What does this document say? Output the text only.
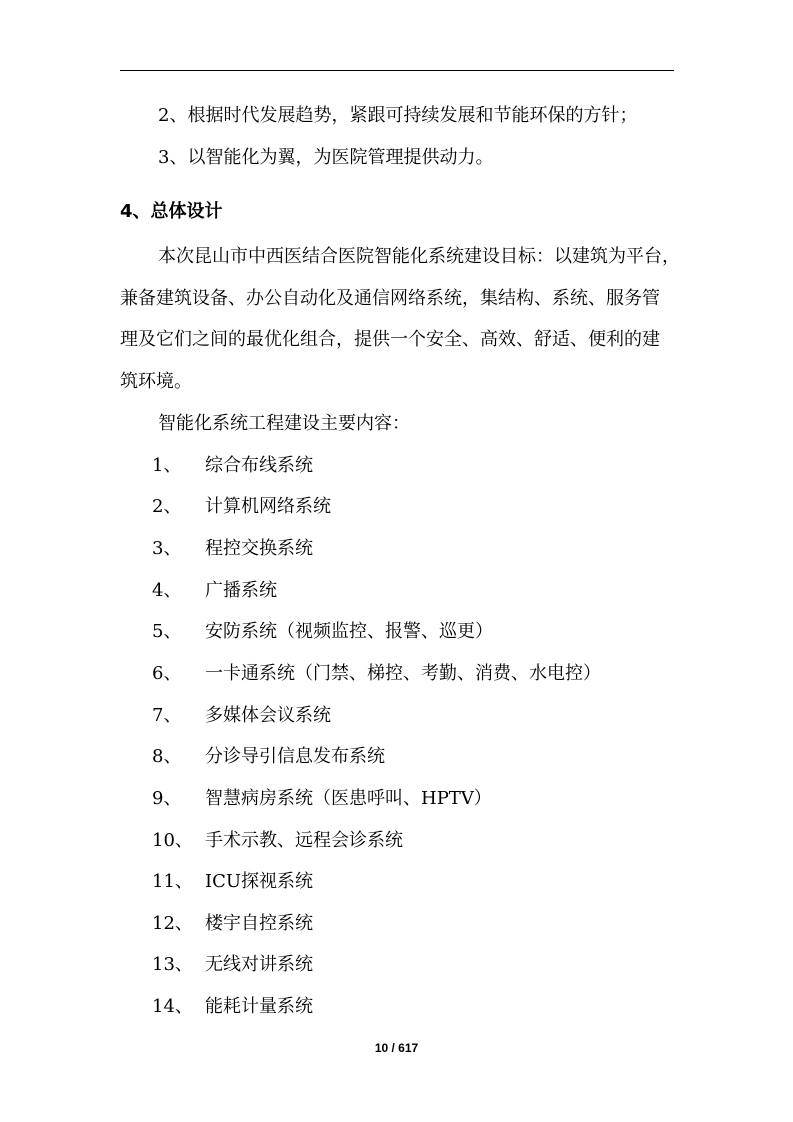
2、根据时代发展趋势，紧跟可持续发展和节能环保的方针；
3、以智能化为翼，为医院管理提供动力。
4、总体设计
本次昆山市中西医结合医院智能化系统建设目标：以建筑为平台，
兼备建筑设备、办公自动化及通信网络系统，集结构、系统、服务管
理及它们之间的最优化组合，提供一个安全、高效、舒适、便利的建
筑环境。
智能化系统工程建设主要内容：
1、 综合布线系统
2、 计算机网络系统
3、 程控交换系统
4、 广播系统
5、 安防系统（视频监控、报警、巡更）
6、 一卡通系统（门禁、梯控、考勤、消费、水电控）
7、 多媒体会议系统
8、 分诊导引信息发布系统
9、 智慧病房系统（医患呼叫、HPTV）
10、 手术示教、远程会诊系统
11、 ICU探视系统
12、 楼宇自控系统
13、 无线对讲系统
14、 能耗计量系统
10 / 617
